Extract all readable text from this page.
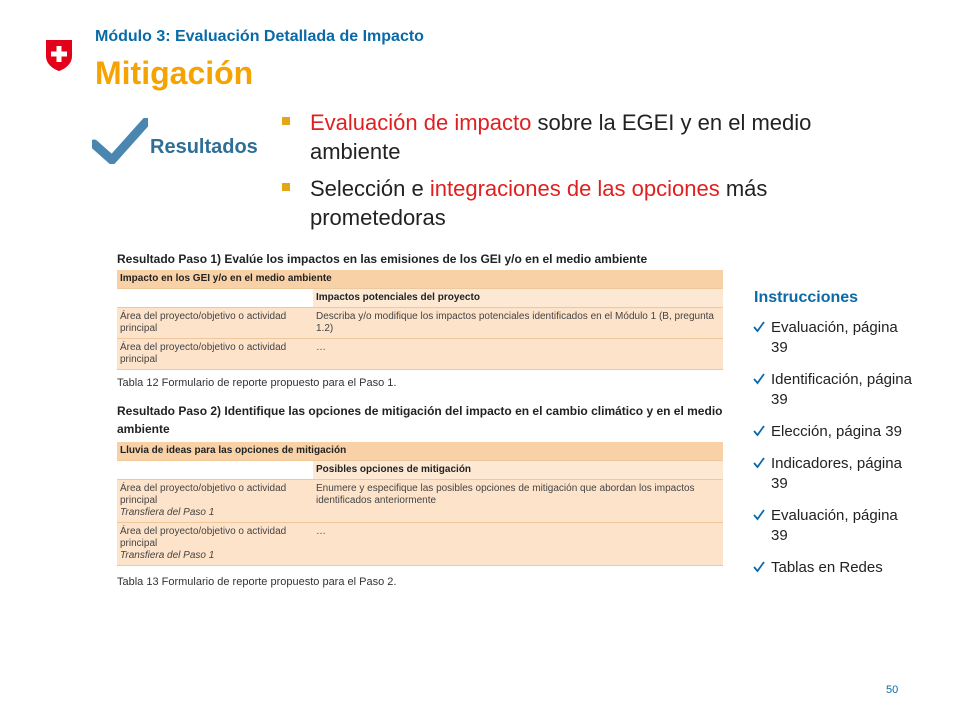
Módulo 3: Evaluación Detallada de Impacto
Mitigación
Resultados
Evaluación de impacto sobre la EGEI y en el medio ambiente
Selección e integraciones de las opciones más prometedoras
Resultado Paso 1) Evalúe los impactos en las emisiones de los GEI y/o en el medio ambiente
Impacto en los GEI y/o en el medio ambiente	
	Impactos potenciales del proyecto
Área del proyecto/objetivo o actividad principal	Describa y/o modifique los impactos potenciales identificados en el Módulo 1 (B, pregunta 1.2)
Área del proyecto/objetivo o actividad principal	…
Tabla 12 Formulario de reporte propuesto para el Paso 1.
Resultado Paso 2) Identifique las opciones de mitigación del impacto en el cambio climático y en el medio ambiente
Lluvia de ideas para las opciones de mitigación	
	Posibles opciones de mitigación
Área del proyecto/objetivo o actividad principal
Transfiera del Paso 1	Enumere y especifique las posibles opciones de mitigación que abordan los impactos identificados anteriormente
Área del proyecto/objetivo o actividad principal
Transfiera del Paso 1	…
Tabla 13 Formulario de reporte propuesto para el Paso 2.
Instrucciones
Evaluación, página 39
Identificación, página 39
Elección, página 39
Indicadores, página 39
Evaluación, página 39
Tablas en Redes
50
